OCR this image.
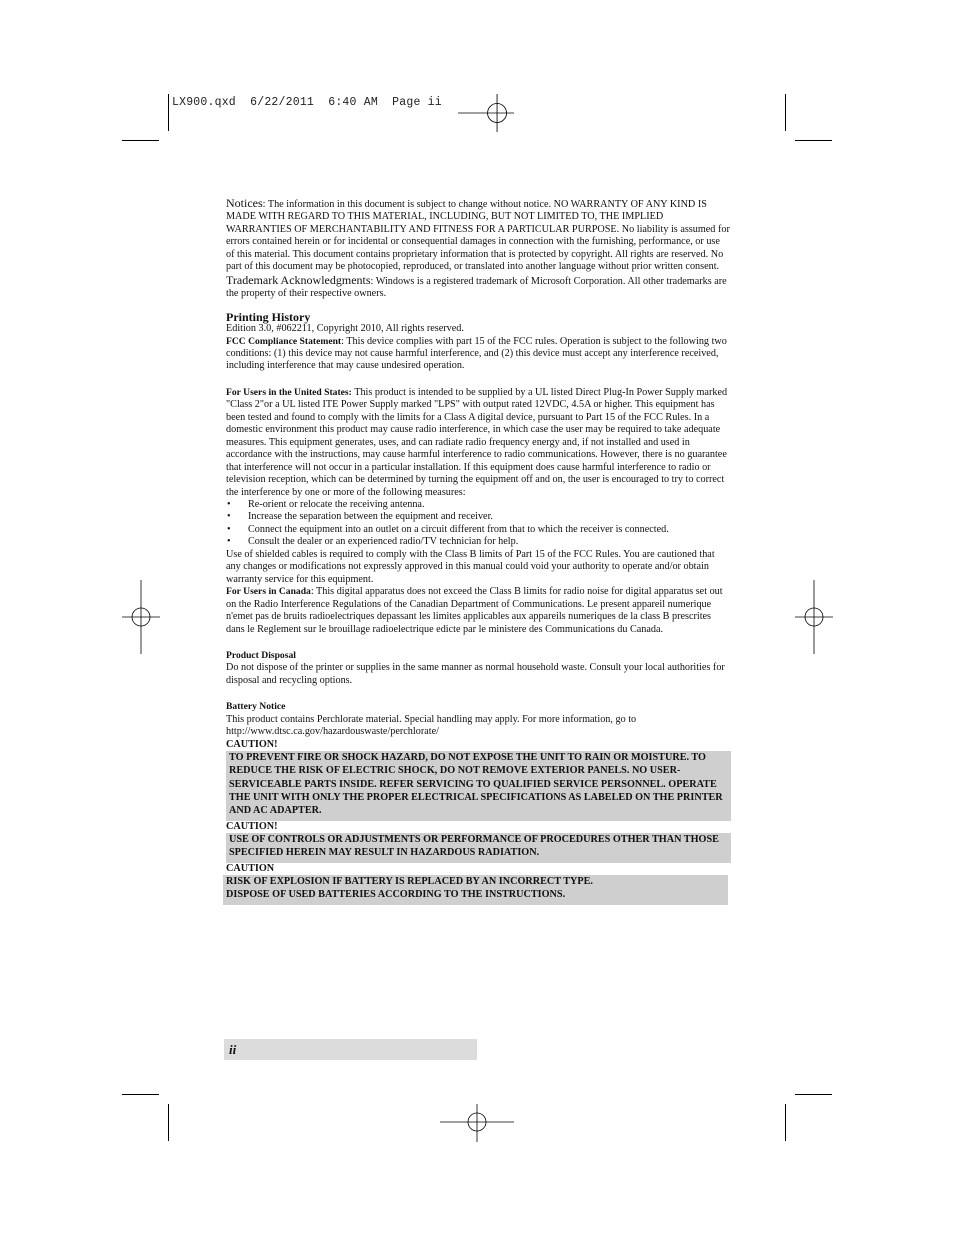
LX900.qxd  6/22/2011  6:40 AM  Page ii

Notices: The information in this document is subject to change without notice. NO WARRANTY OF ANY KIND IS MADE WITH REGARD TO THIS MATERIAL, INCLUDING, BUT NOT LIMITED TO, THE IMPLIED WARRANTIES OF MERCHANTABILITY AND FITNESS FOR A PARTICULAR PURPOSE. No liability is assumed for errors contained herein or for incidental or consequential damages in connection with the furnishing, performance, or use of this material. This document contains proprietary information that is protected by copyright. All rights are reserved. No part of this document may be photocopied, reproduced, or translated into another language without prior written consent.

Trademark Acknowledgments: Windows is a registered trademark of Microsoft Corporation. All other trademarks are the property of their respective owners.

Printing History

Edition 3.0, #062211, Copyright 2010, All rights reserved.

FCC Compliance Statement: This device complies with part 15 of the FCC rules. Operation is subject to the following two conditions: (1) this device may not cause harmful interference, and (2) this device must accept any interference received, including interference that may cause undesired operation.

For Users in the United States: This product is intended to be supplied by a UL listed Direct Plug-In Power Supply marked "Class 2"or a UL listed ITE Power Supply marked "LPS" with output rated 12VDC, 4.5A or higher. This equipment has been tested and found to comply with the limits for a Class A digital device, pursuant to Part 15 of the FCC Rules. In a domestic environment this product may cause radio interference, in which case the user may be required to take adequate measures. This equipment generates, uses, and can radiate radio frequency energy and, if not installed and used in accordance with the instructions, may cause harmful interference to radio communications. However, there is no guarantee that interference will not occur in a particular installation. If this equipment does cause harmful interference to radio or television reception, which can be determined by turning the equipment off and on, the user is encouraged to try to correct the interference by one or more of the following measures:

• Re-orient or relocate the receiving antenna.
• Increase the separation between the equipment and receiver.
• Connect the equipment into an outlet on a circuit different from that to which the receiver is connected.
• Consult the dealer or an experienced radio/TV technician for help.

Use of shielded cables is required to comply with the Class B limits of Part 15 of the FCC Rules. You are cautioned that any changes or modifications not expressly approved in this manual could void your authority to operate and/or obtain warranty service for this equipment.

For Users in Canada: This digital apparatus does not exceed the Class B limits for radio noise for digital apparatus set out on the Radio Interference Regulations of the Canadian Department of Communications. Le present appareil numerique n'emet pas de bruits radioelectriques depassant les limites applicables aux appareils numeriques de la class B prescrites dans le Reglement sur le brouillage radioelectrique edicte par le ministere des Communications du Canada.

Product Disposal

Do not dispose of the printer or supplies in the same manner as normal household waste. Consult your local authorities for disposal and recycling options.

Battery Notice

This product contains Perchlorate material. Special handling may apply. For more information, go to http://www.dtsc.ca.gov/hazardouswaste/perchlorate/

CAUTION!

TO PREVENT FIRE OR SHOCK HAZARD, DO NOT EXPOSE THE UNIT TO RAIN OR MOISTURE. TO REDUCE THE RISK OF ELECTRIC SHOCK, DO NOT REMOVE EXTERIOR PANELS. NO USER-SERVICEABLE PARTS INSIDE. REFER SERVICING TO QUALIFIED SERVICE PERSONNEL. OPERATE THE UNIT WITH ONLY THE PROPER ELECTRICAL SPECIFICATIONS AS LABELED ON THE PRINTER AND AC ADAPTER.

CAUTION!

USE OF CONTROLS OR ADJUSTMENTS OR PERFORMANCE OF PROCEDURES OTHER THAN THOSE SPECIFIED HEREIN MAY RESULT IN HAZARDOUS RADIATION.

CAUTION

RISK OF EXPLOSION IF BATTERY IS REPLACED BY AN INCORRECT TYPE.
DISPOSE OF USED BATTERIES ACCORDING TO THE INSTRUCTIONS.
ii
